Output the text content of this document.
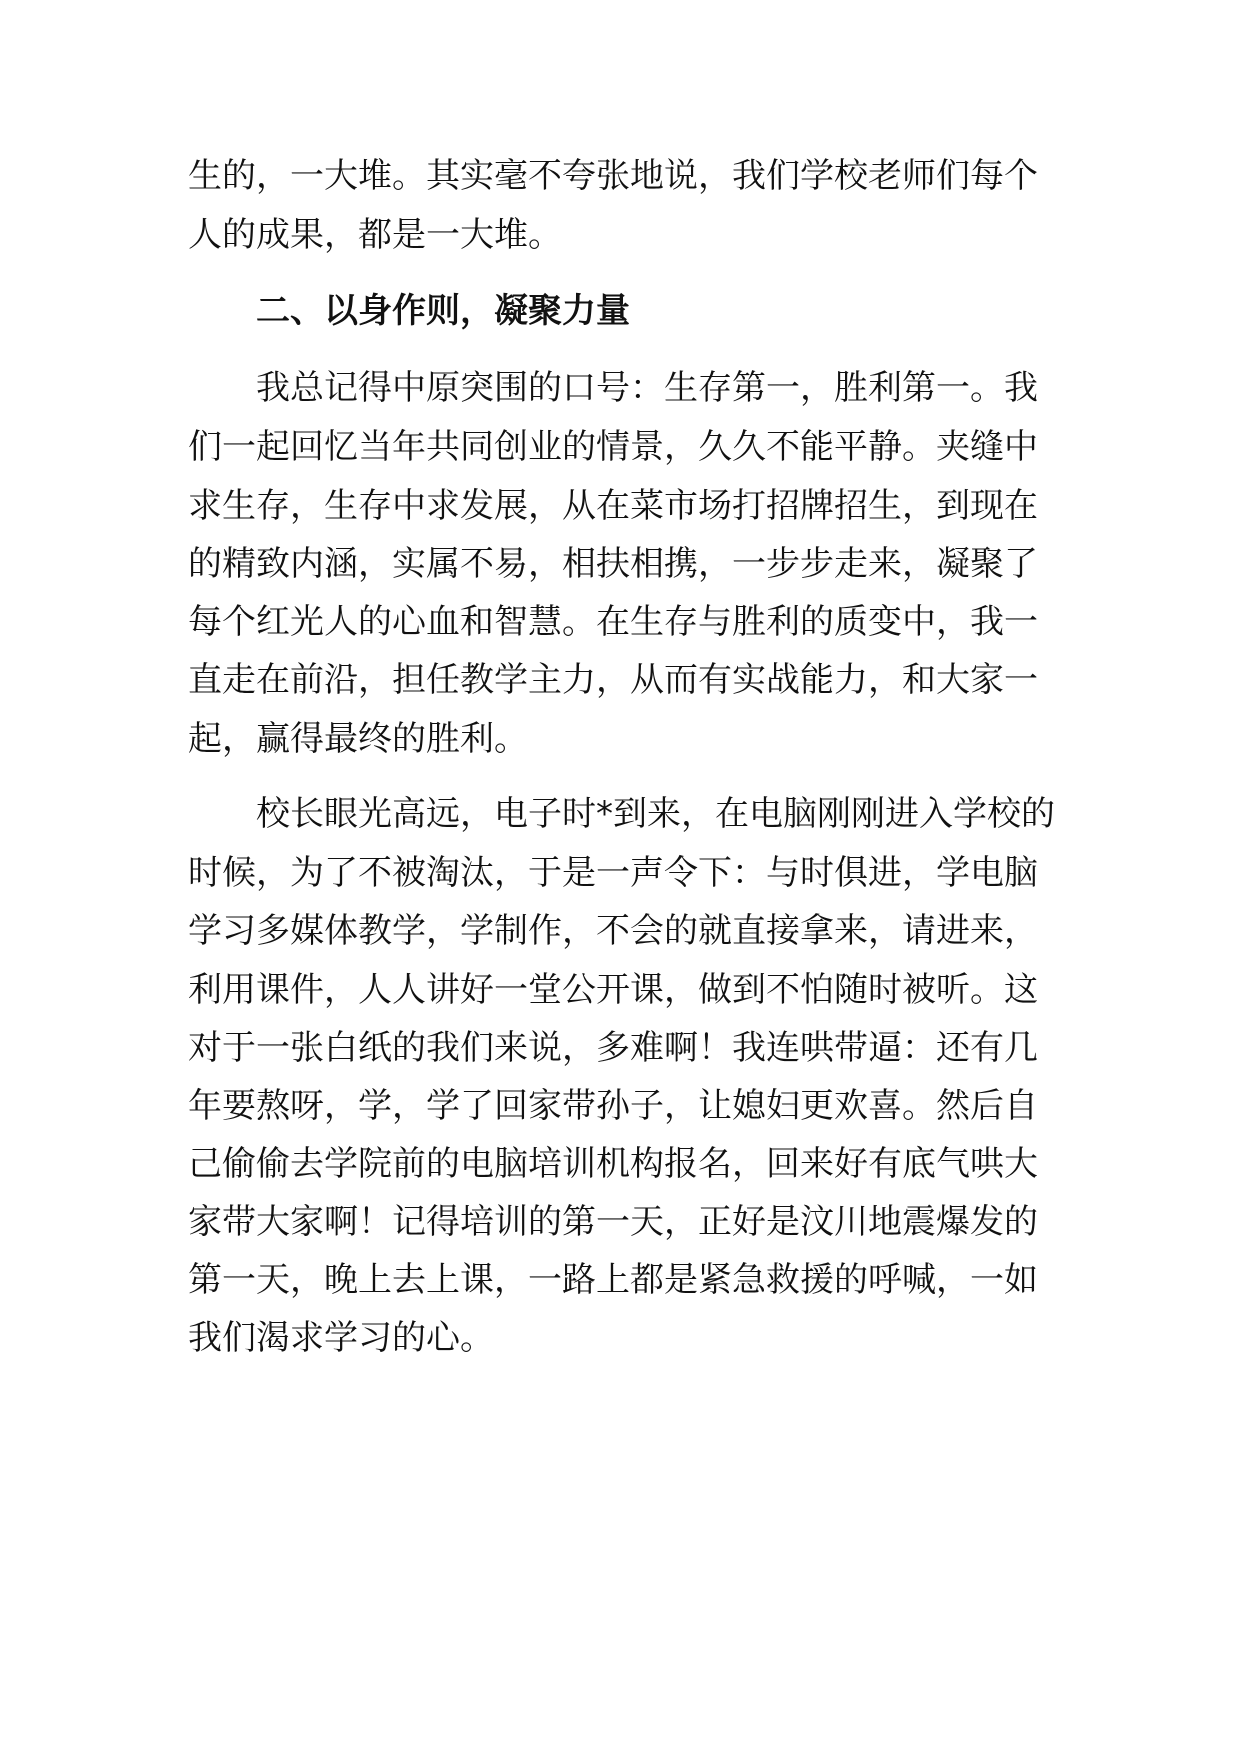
生的，一大堆。其实毫不夸张地说，我们学校老师们每个
人的成果，都是一大堆。
二、以身作则，凝聚力量
我总记得中原突围的口号：生存第一，胜利第一。我
们一起回忆当年共同创业的情景，久久不能平静。夹缝中
求生存，生存中求发展，从在菜市场打招牌招生，到现在
的精致内涵，实属不易，相扶相携，一步步走来，凝聚了
每个红光人的心血和智慧。在生存与胜利的质变中，我一
直走在前沿，担任教学主力，从而有实战能力，和大家一
起，赢得最终的胜利。
校长眼光高远，电子时*到来，在电脑刚刚进入学校的
时候，为了不被淘汰，于是一声令下：与时俱进，学电脑
学习多媒体教学，学制作，不会的就直接拿来，请进来，
利用课件，人人讲好一堂公开课，做到不怕随时被听。这
对于一张白纸的我们来说，多难啊！我连哄带逼：还有几
年要熬呀，学，学了回家带孙子，让媳妇更欢喜。然后自
己偷偷去学院前的电脑培训机构报名，回来好有底气哄大
家带大家啊！记得培训的第一天，正好是汶川地震爆发的
第一天，晚上去上课，一路上都是紧急救援的呼喊，一如
我们渴求学习的心。
